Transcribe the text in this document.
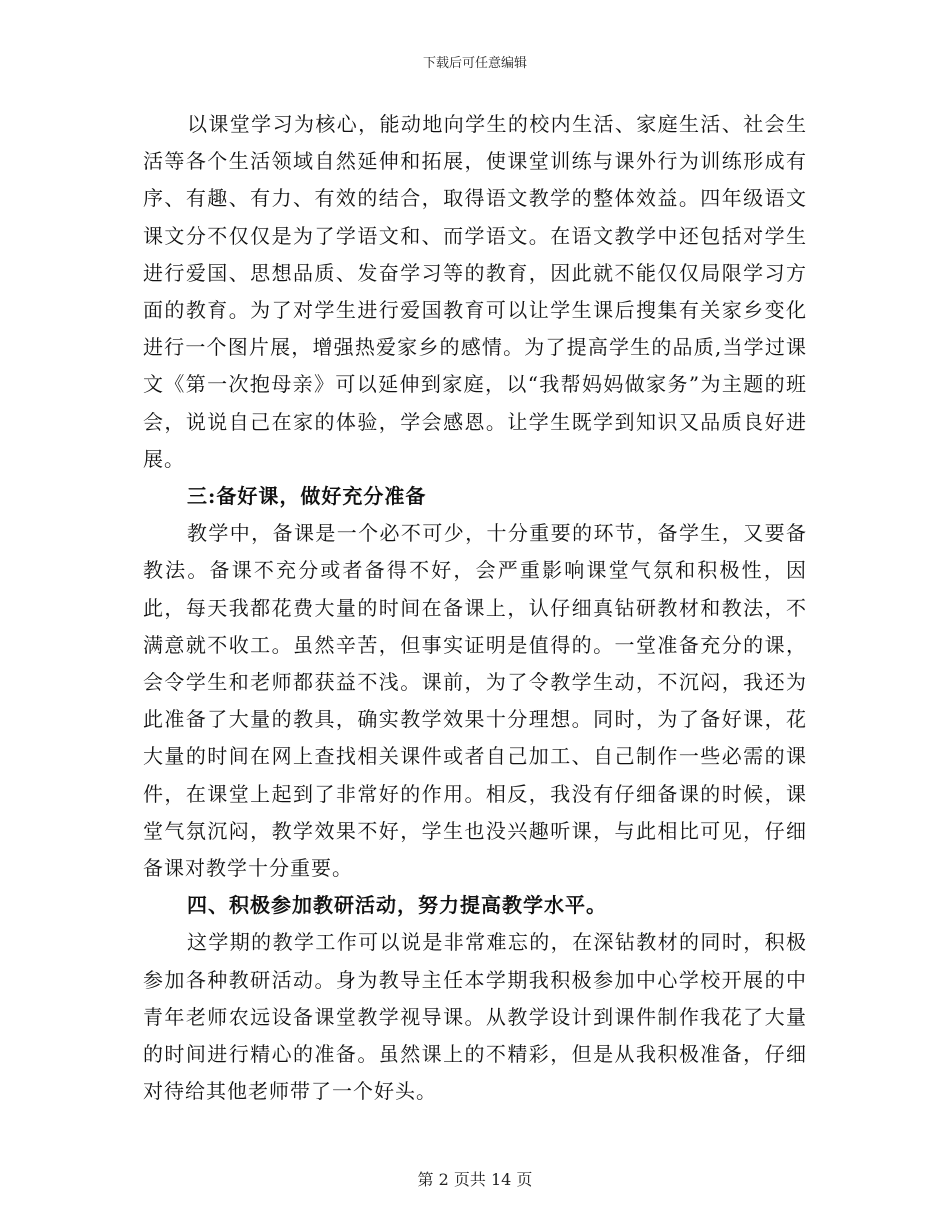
下载后可任意编辑

以课堂学习为核心，能动地向学生的校内生活、家庭生活、社会生活等各个生活领域自然延伸和拓展，使课堂训练与课外行为训练形成有序、有趣、有力、有效的结合，取得语文教学的整体效益。四年级语文课文分不仅仅是为了学语文和、而学语文。在语文教学中还包括对学生进行爱国、思想品质、发奋学习等的教育，因此就不能仅仅局限学习方面的教育。为了对学生进行爱国教育可以让学生课后搜集有关家乡变化进行一个图片展，增强热爱家乡的感情。为了提高学生的品质,当学过课文《第一次抱母亲》可以延伸到家庭，以“我帮妈妈做家务”为主题的班会，说说自己在家的体验，学会感恩。让学生既学到知识又品质良好进展。

三:备好课，做好充分准备

教学中，备课是一个必不可少，十分重要的环节，备学生，又要备教法。备课不充分或者备得不好，会严重影响课堂气氛和积极性，因此，每天我都花费大量的时间在备课上，认仔细真钻研教材和教法，不满意就不收工。虽然辛苦，但事实证明是值得的。一堂准备充分的课，会令学生和老师都获益不浅。课前，为了令教学生动，不沉闷，我还为此准备了大量的教具，确实教学效果十分理想。同时，为了备好课，花大量的时间在网上查找相关课件或者自己加工、自己制作一些必需的课件，在课堂上起到了非常好的作用。相反，我没有仔细备课的时候，课堂气氛沉闷，教学效果不好，学生也没兴趣听课，与此相比可见，仔细备课对教学十分重要。

四、积极参加教研活动，努力提高教学水平。

这学期的教学工作可以说是非常难忘的，在深钻教材的同时，积极参加各种教研活动。身为教导主任本学期我积极参加中心学校开展的中青年老师农远设备课堂教学视导课。从教学设计到课件制作我花了大量的时间进行精心的准备。虽然课上的不精彩，但是从我积极准备，仔细对待给其他老师带了一个好头。

第 2 页共 14 页
